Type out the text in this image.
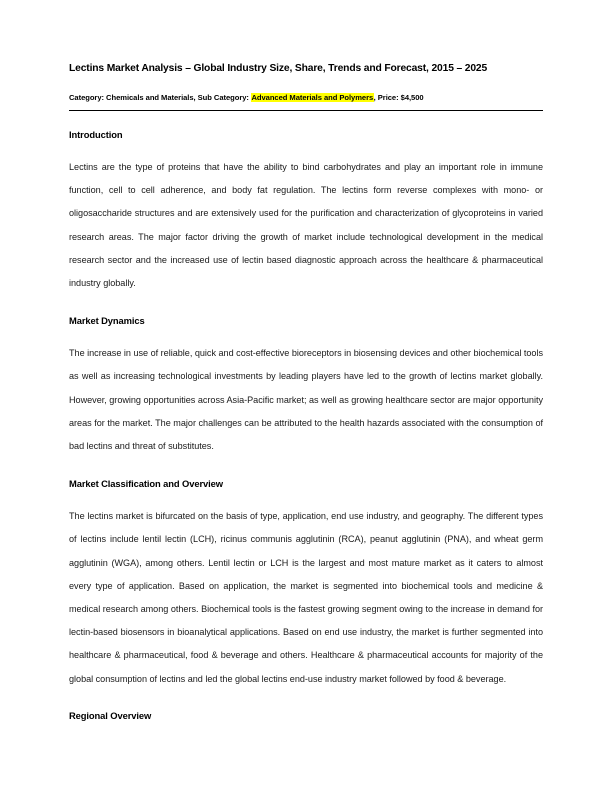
Lectins Market Analysis – Global Industry Size, Share, Trends and Forecast, 2015 – 2025
Category: Chemicals and Materials, Sub Category: Advanced Materials and Polymers, Price: $4,500
Introduction

Lectins are the type of proteins that have the ability to bind carbohydrates and play an important role in immune function, cell to cell adherence, and body fat regulation. The lectins form reverse complexes with mono- or oligosaccharide structures and are extensively used for the purification and characterization of glycoproteins in varied research areas. The major factor driving the growth of market include technological development in the medical research sector and the increased use of lectin based diagnostic approach across the healthcare & pharmaceutical industry globally.

Market Dynamics

The increase in use of reliable, quick and cost-effective bioreceptors in biosensing devices and other biochemical tools as well as increasing technological investments by leading players have led to the growth of lectins market globally. However, growing opportunities across Asia-Pacific market; as well as growing healthcare sector are major opportunity areas for the market. The major challenges can be attributed to the health hazards associated with the consumption of bad lectins and threat of substitutes.

Market Classification and Overview

The lectins market is bifurcated on the basis of type, application, end use industry, and geography. The different types of lectins include lentil lectin (LCH), ricinus communis agglutinin (RCA), peanut agglutinin (PNA), and wheat germ agglutinin (WGA), among others. Lentil lectin or LCH is the largest and most mature market as it caters to almost every type of application. Based on application, the market is segmented into biochemical tools and medicine & medical research among others. Biochemical tools is the fastest growing segment owing to the increase in demand for lectin-based biosensors in bioanalytical applications. Based on end use industry, the market is further segmented into healthcare & pharmaceutical, food & beverage and others. Healthcare & pharmaceutical accounts for majority of the global consumption of lectins and led the global lectins end-use industry market followed by food & beverage.

Regional Overview
